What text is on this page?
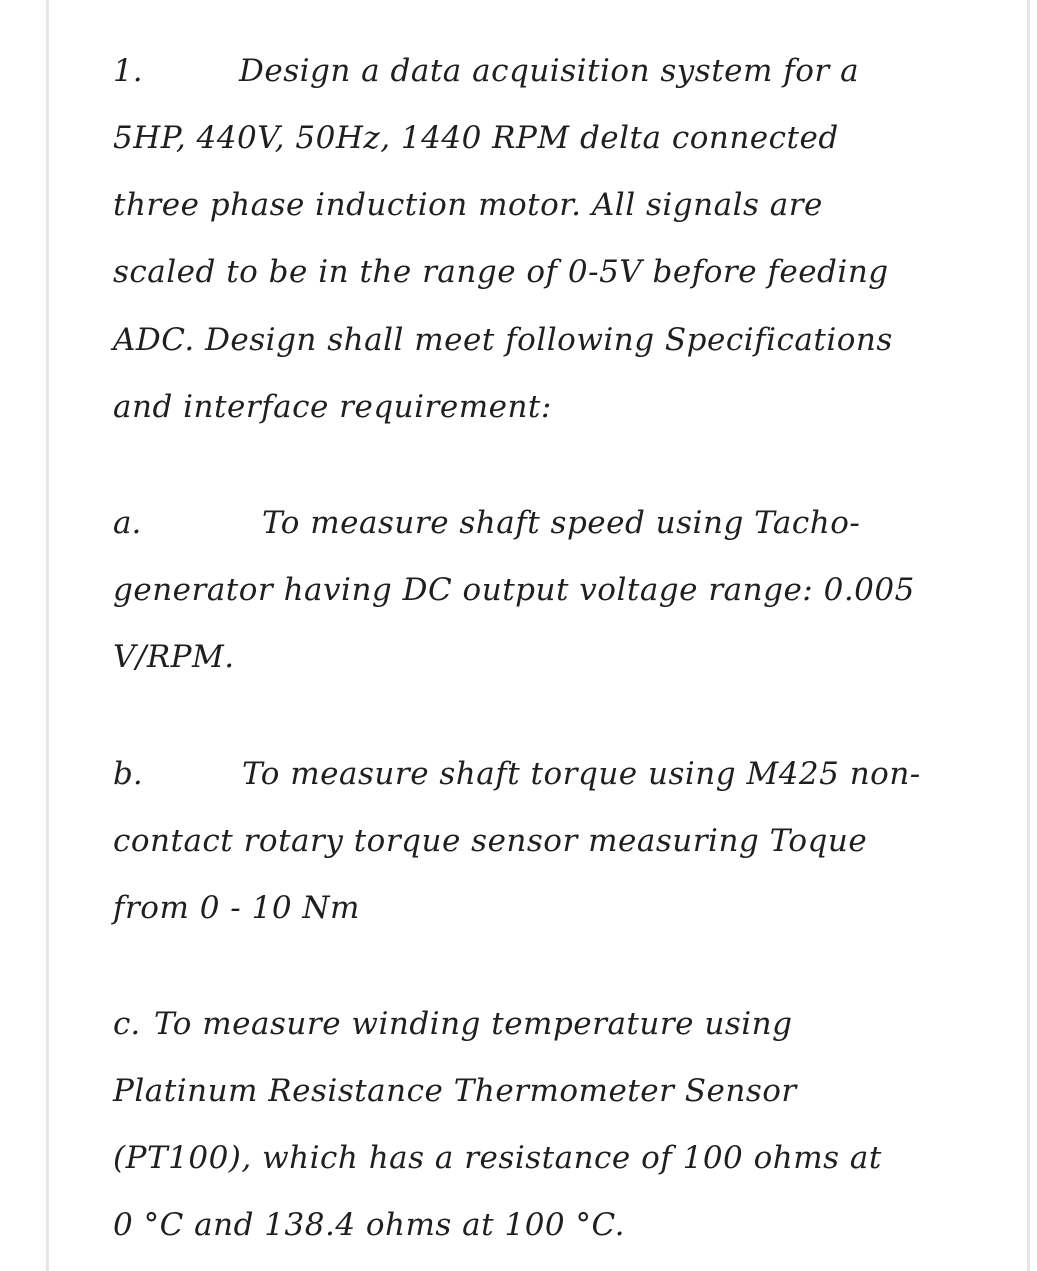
1.	Design a data acquisition system for a
5HP, 440V, 50Hz, 1440 RPM delta connected
three phase induction motor. All signals are
scaled to be in the range of 0-5V before feeding
ADC. Design shall meet following Specifications
and interface requirement:
a.	To measure shaft speed using Tacho-
generator having DC output voltage range: 0.005
V/RPM.
b.	To measure shaft torque using M425 non-
contact rotary torque sensor measuring Toque
from 0 - 10 Nm
c. To measure winding temperature using
Platinum Resistance Thermometer Sensor
(PT100), which has a resistance of 100 ohms at
0 °C and 138.4 ohms at 100 °C.
